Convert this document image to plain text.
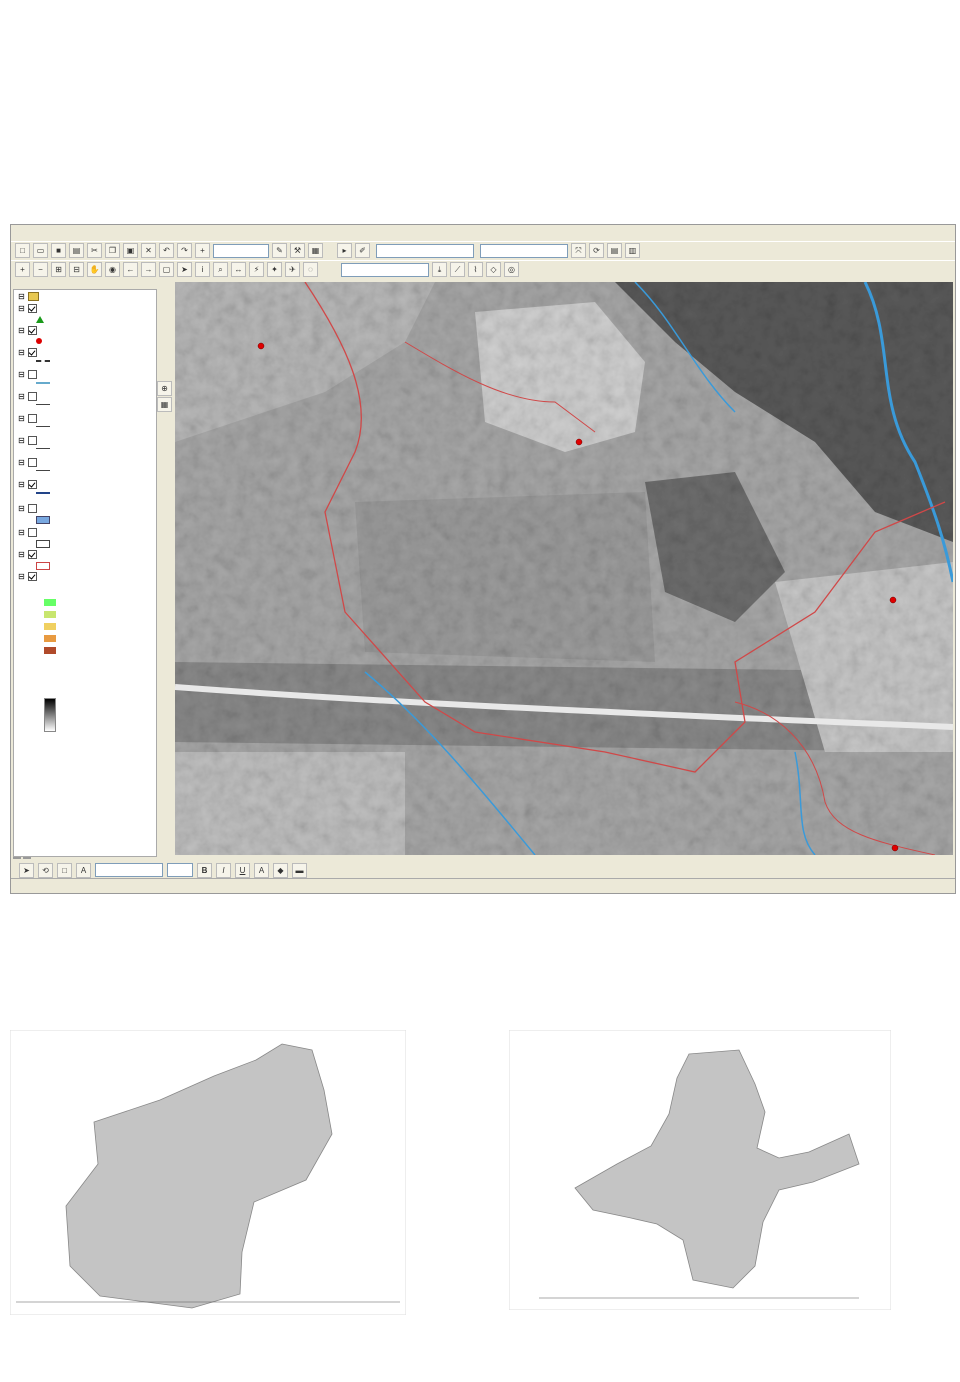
□	▭	■	▤	✂	❐	▣	✕	↶	↷	+	✎	⚒	▦	▸	✐	⤧	⟳	▤	▥
+	−	⊞	⊟	✋	◉	←	→	▢	➤	i	⌕	↔	⚡	✦	✈	◌	⤓	⟋	⌇	◇	◎
⊟
⊟
⊟
⊟
⊟
⊟
⊟
⊟
⊟
⊟
⊟
⊟
⊟
⊟
⊕
▦
➤	⟲	□	A	B	I	U	A	◆	▬
